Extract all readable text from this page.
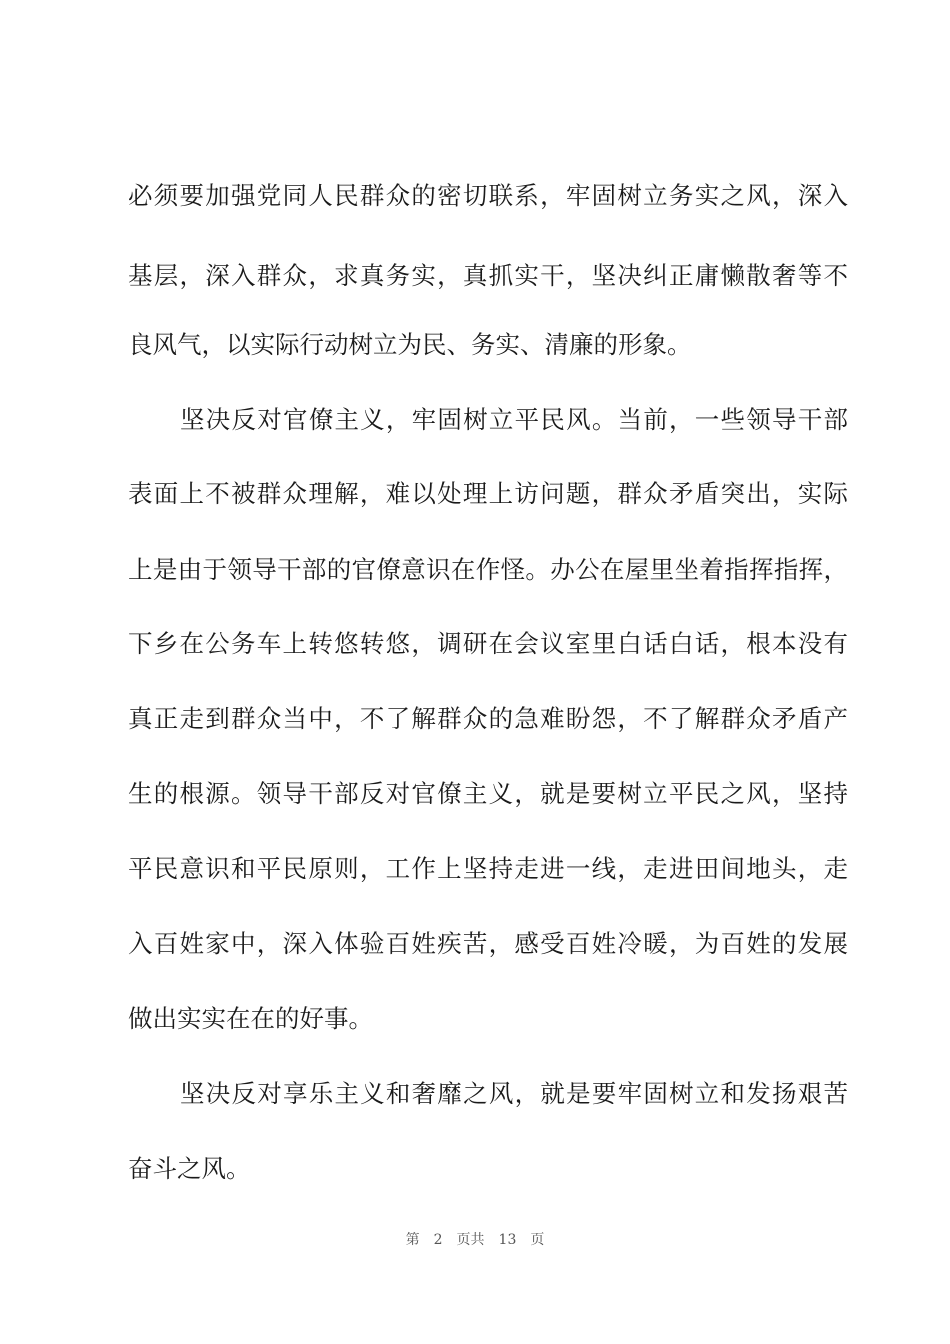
必须要加强党同人民群众的密切联系，牢固树立务实之风，深入
基层，深入群众，求真务实，真抓实干，坚决纠正庸懒散奢等不
良风气，以实际行动树立为民、务实、清廉的形象。
坚决反对官僚主义，牢固树立平民风。当前，一些领导干部
表面上不被群众理解，难以处理上访问题，群众矛盾突出，实际
上是由于领导干部的官僚意识在作怪。办公在屋里坐着指挥指挥，
下乡在公务车上转悠转悠，调研在会议室里白话白话，根本没有
真正走到群众当中，不了解群众的急难盼怨，不了解群众矛盾产
生的根源。领导干部反对官僚主义，就是要树立平民之风，坚持
平民意识和平民原则，工作上坚持走进一线，走进田间地头，走
入百姓家中，深入体验百姓疾苦，感受百姓冷暖，为百姓的发展
做出实实在在的好事。
坚决反对享乐主义和奢靡之风，就是要牢固树立和发扬艰苦
奋斗之风。
第 2 页共 13 页
